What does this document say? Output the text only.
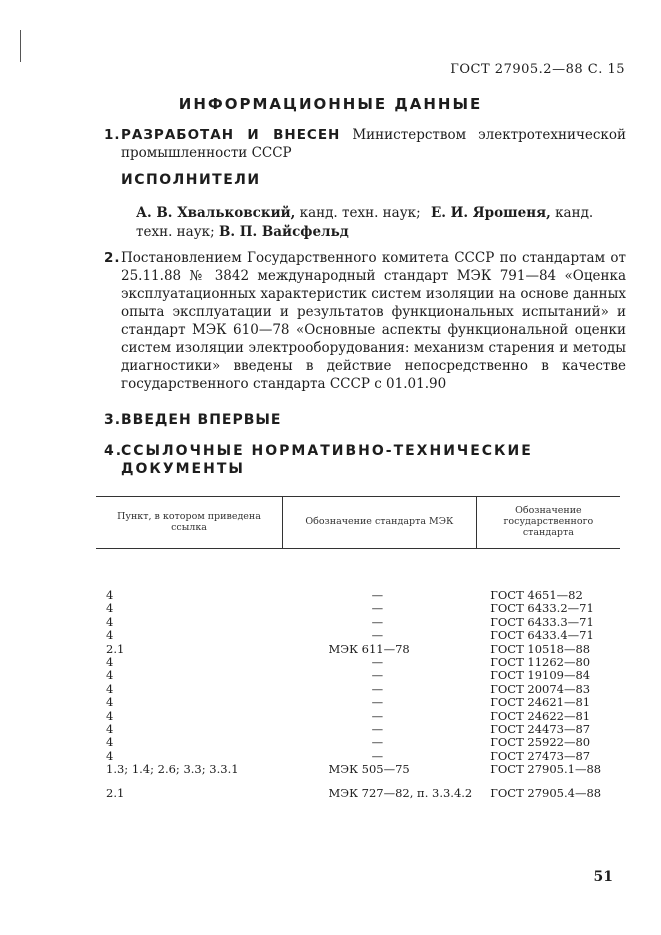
ГОСТ 27905.2—88 С. 15
ИНФОРМАЦИОННЫЕ ДАННЫЕ
1. РАЗРАБОТАН И ВНЕСЕН Министерством электротехнической промышленности СССР
ИСПОЛНИТЕЛИ
А. В. Хвальковский, канд. техн. наук; Е. И. Ярошеня, канд. техн. наук; В. П. Вайсфельд
2. Постановлением Государственного комитета СССР по стандартам от 25.11.88 № 3842 международный стандарт МЭК 791—84 «Оценка эксплуатационных характеристик систем изоляции на основе данных опыта эксплуатации и результатов функциональных испытаний» и стандарт МЭК 610—78 «Основные аспекты функциональной оценки систем изоляции электрооборудования: механизм старения и методы диагностики» введены в действие непосредственно в качестве государственного стандарта СССР с 01.01.90
3. ВВЕДЕН ВПЕРВЫЕ
4.
ССЫЛОЧНЫЕ НОРМАТИВНО-ТЕХНИЧЕСКИЕ ДОКУМЕНТЫ
Пункт, в котором приведена ссылка	Обозначение стандарта МЭК	Обозначение государственного стандарта

4	—	ГОСТ 4651—82
4	—	ГОСТ 6433.2—71
4	—	ГОСТ 6433.3—71
4	—	ГОСТ 6433.4—71
2.1	МЭК 611—78	ГОСТ 10518—88
4	—	ГОСТ 11262—80
4	—	ГОСТ 19109—84
4	—	ГОСТ 20074—83
4	—	ГОСТ 24621—81
4	—	ГОСТ 24622—81
4	—	ГОСТ 24473—87
4	—	ГОСТ 25922—80
4	—	ГОСТ 27473—87
1.3; 1.4; 2.6; 3.3; 3.3.1	МЭК 505—75	ГОСТ 27905.1—88

2.1	МЭК 727—82, п. 3.3.4.2	ГОСТ 27905.4—88
51
